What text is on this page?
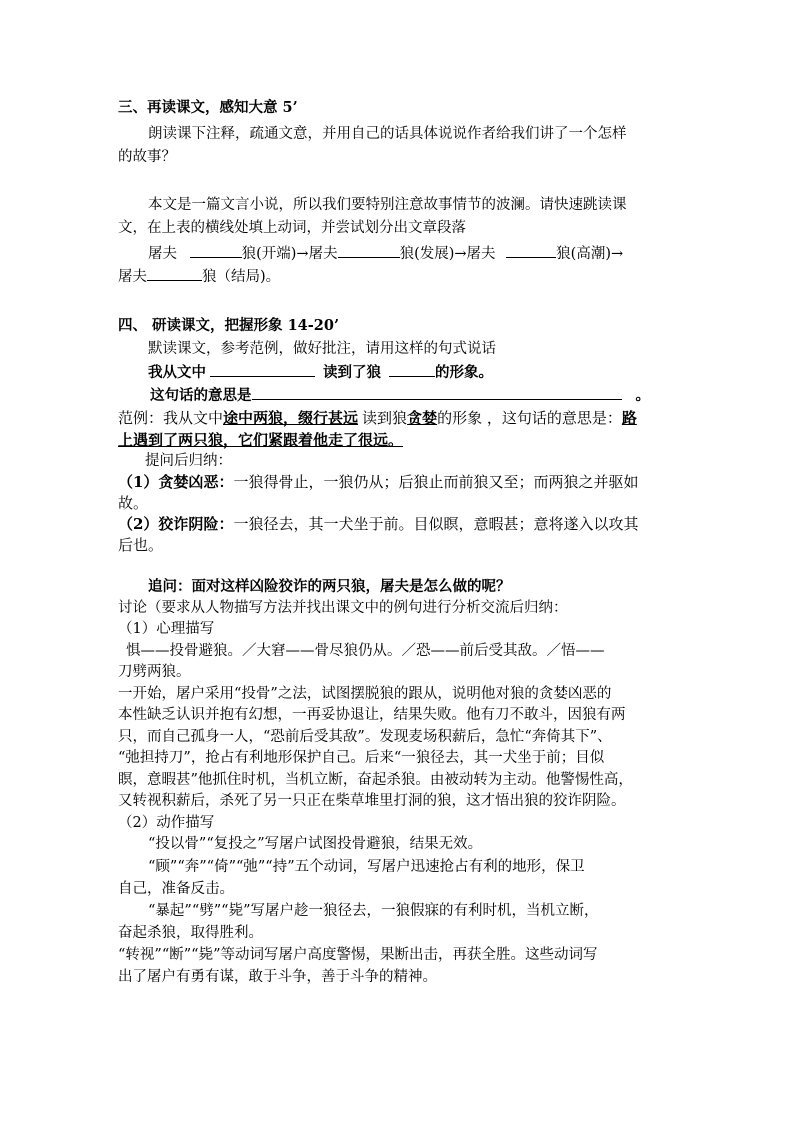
三、再读课文，感知大意 5’
朗读课下注释，疏通文意，并用自己的话具体说说作者给我们讲了一个怎样
的故事？
本文是一篇文言小说，所以我们要特别注意故事情节的波澜。请快速跳读课
文，在上表的横线处填上动词，并尝试划分出文章段落
屠夫	狼(开端)→屠夫	狼(发展)→屠夫	狼(高潮)→
屠夫	狼（结局)。
四、 研读课文，把握形象 14-20’
默读课文，参考范例，做好批注，请用这样的句式说话
我从文中	读到了狼	的形象。
这句话的意思是	。
范例：我从文中途中两狼，缀行甚远 读到狼贪婪的形象 ，这句话的意思是：路
上遇到了两只狼，它们紧跟着他走了很远。
提问后归纳：
（1）贪婪凶恶：一狼得骨止，一狼仍从；后狼止而前狼又至；而两狼之并驱如
故。
（2）狡诈阴险：一狼径去，其一犬坐于前。目似瞑，意暇甚；意将遂入以攻其
后也。
追问：面对这样凶险狡诈的两只狼，屠夫是怎么做的呢？
讨论（要求从人物描写方法并找出课文中的例句进行分析交流后归纳：
（1）心理描写
惧——投骨避狼。／大窘——骨尽狼仍从。／恐——前后受其敌。／悟——
刀劈两狼。
一开始，屠户采用“投骨”之法，试图摆脱狼的跟从，说明他对狼的贪婪凶恶的
本性缺乏认识并抱有幻想，一再妥协退让，结果失败。他有刀不敢斗，因狼有两
只，而自己孤身一人，“恐前后受其敌”。发现麦场积薪后，急忙“奔倚其下”、
“弛担持刀”，抢占有利地形保护自己。后来“一狼径去，其一犬坐于前；目似
瞑，意暇甚”他抓住时机，当机立断，奋起杀狼。由被动转为主动。他警惕性高，
又转视积薪后，杀死了另一只正在柴草堆里打洞的狼，这才悟出狼的狡诈阴险。
（2）动作描写
“投以骨”“复投之”写屠户试图投骨避狼，结果无效。
“顾”“奔”“倚”“弛”“持”五个动词，写屠户迅速抢占有利的地形，保卫
自己，准备反击。
“暴起”“劈”“毙”写屠户趁一狼径去，一狼假寐的有利时机，当机立断，
奋起杀狼，取得胜利。
“转视”“断”“毙”等动词写屠户高度警惕，果断出击，再获全胜。这些动词写
出了屠户有勇有谋，敢于斗争，善于斗争的精神。
